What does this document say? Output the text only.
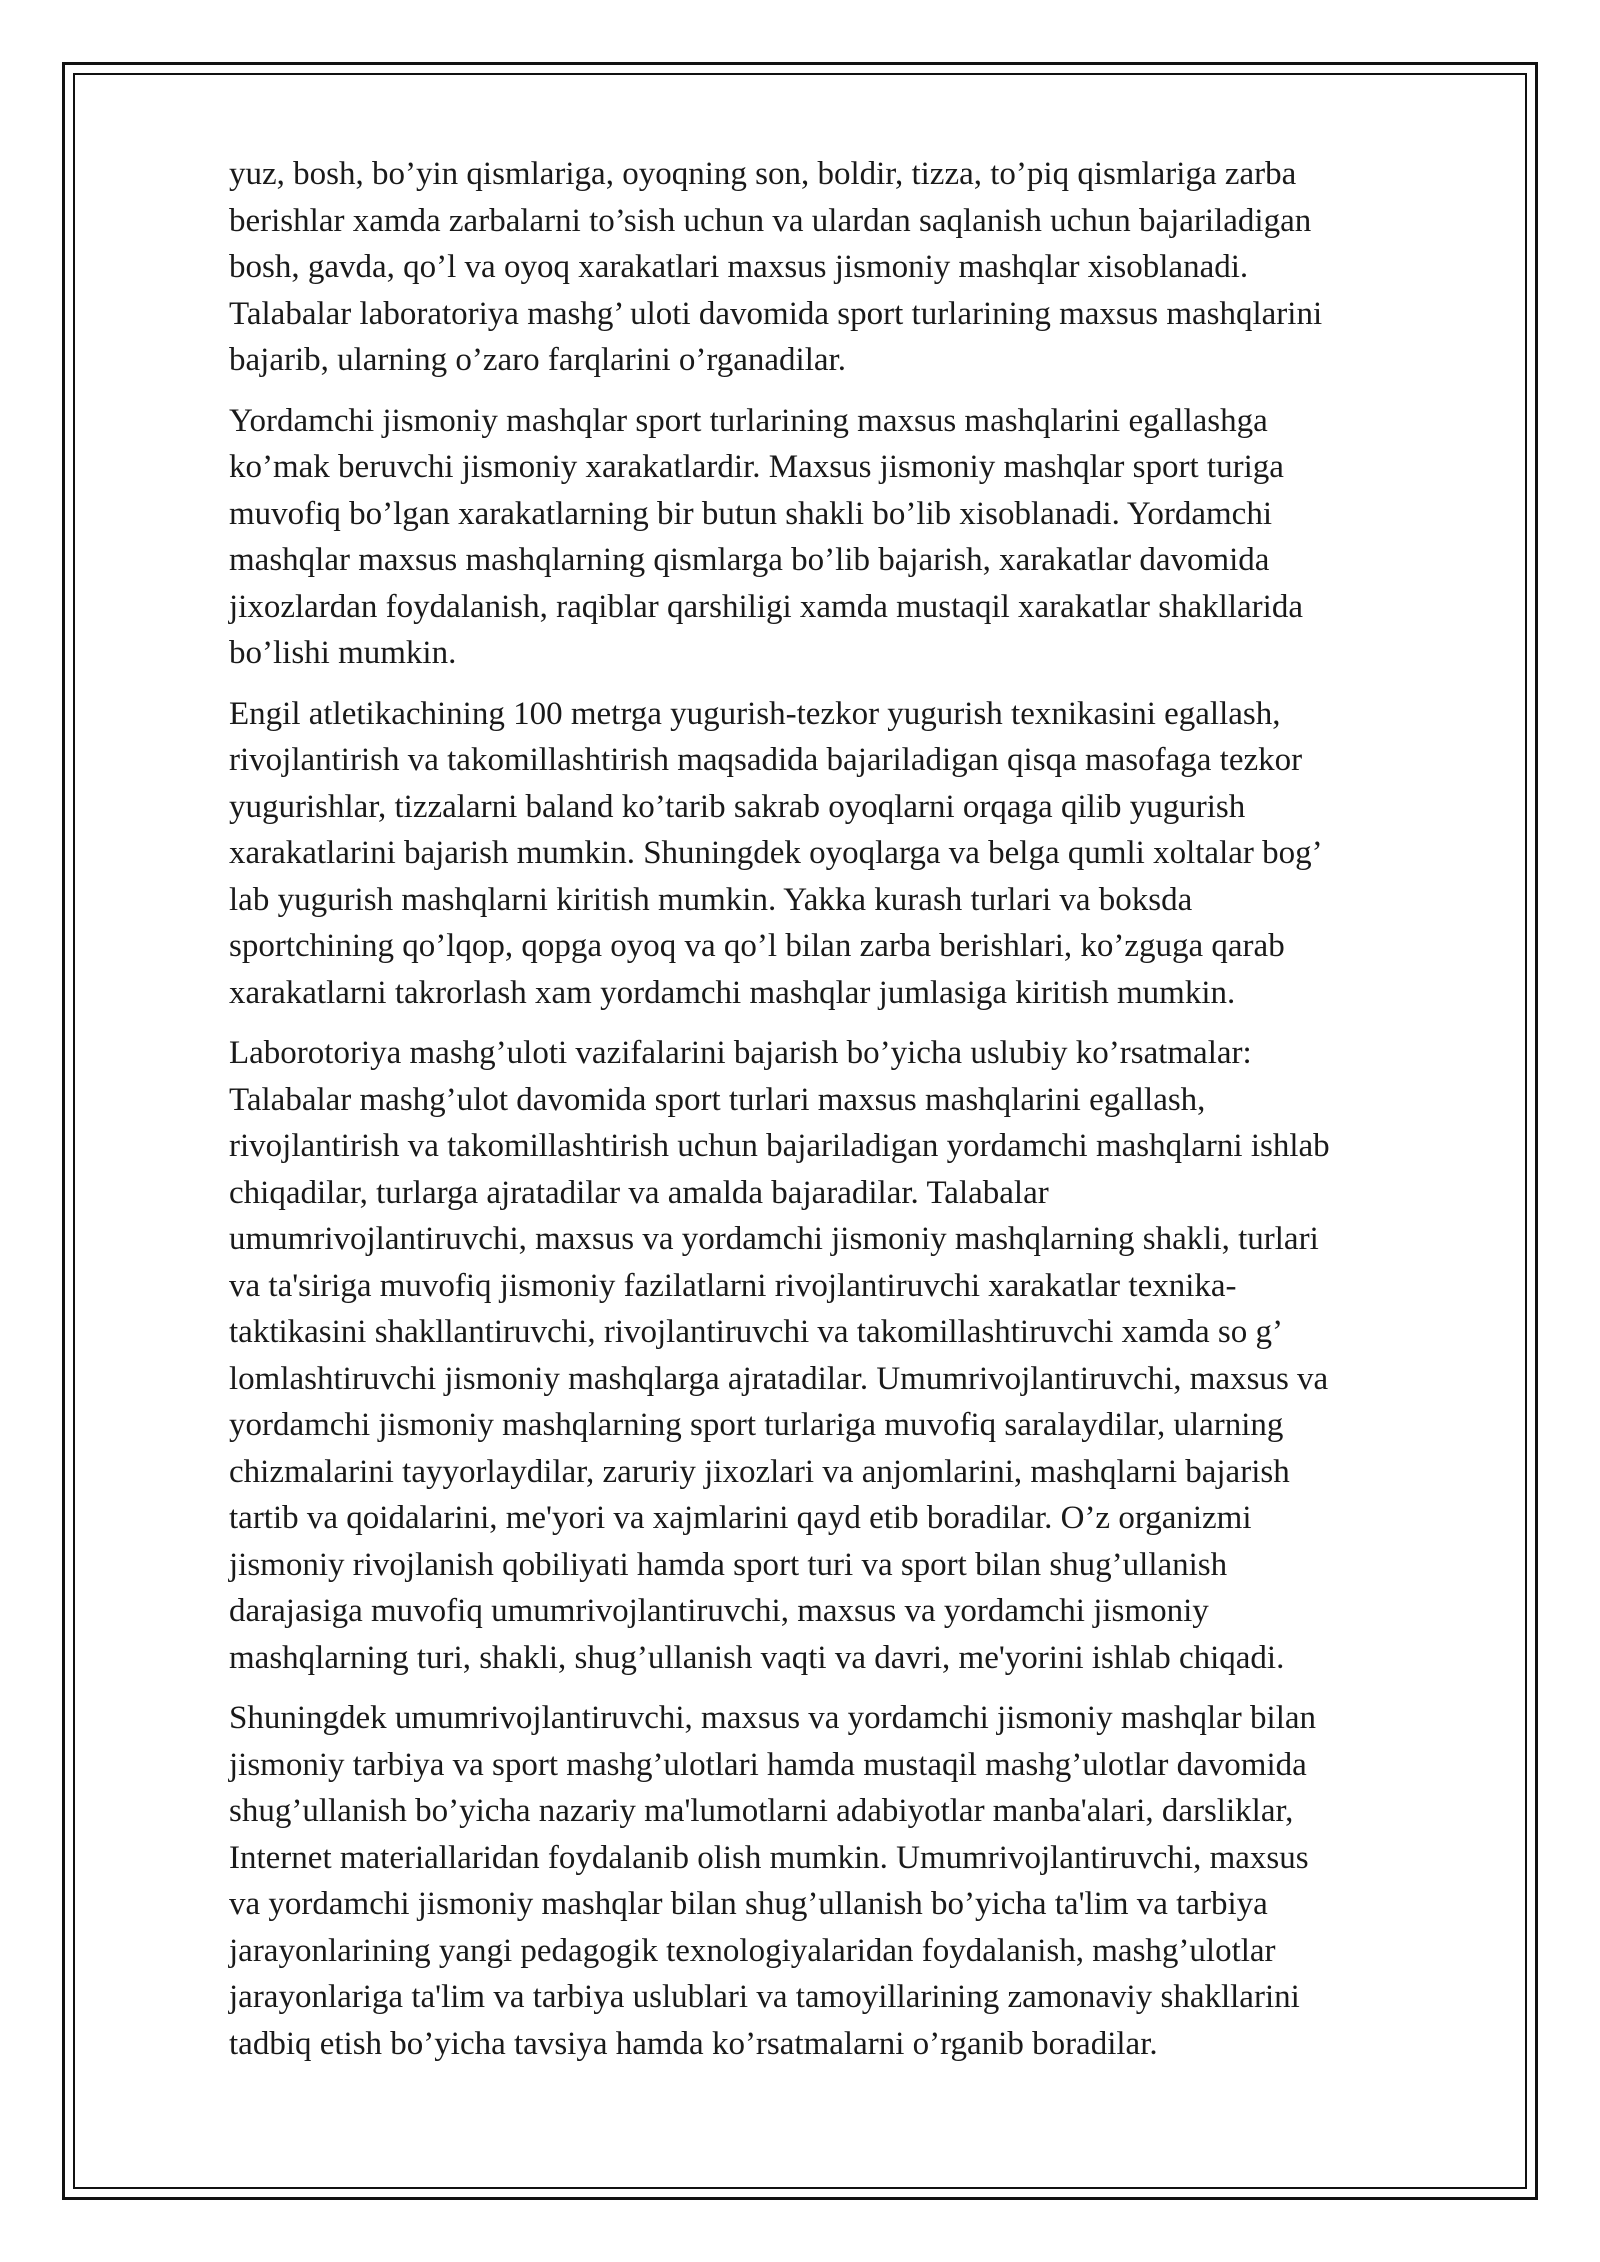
yuz, bosh, bo’yin qismlariga, oyoqning son, boldir, tizza, to’piq qismlariga zarba
berishlar xamda zarbalarni to’sish uchun va ulardan saqlanish uchun bajariladigan
bosh, gavda, qo’l va oyoq xarakatlari maxsus jismoniy mashqlar xisoblanadi.
Talabalar laboratoriya mashg’ uloti davomida sport turlarining maxsus mashqlarini
bajarib, ularning o’zaro farqlarini o’rganadilar.

Yordamchi jismoniy mashqlar sport turlarining maxsus mashqlarini egallashga
ko’mak beruvchi jismoniy xarakatlardir. Maxsus jismoniy mashqlar sport turiga
muvofiq bo’lgan xarakatlarning bir butun shakli bo’lib xisoblanadi. Yordamchi
mashqlar maxsus mashqlarning qismlarga bo’lib bajarish, xarakatlar davomida
jixozlardan foydalanish, raqiblar qarshiligi xamda mustaqil xarakatlar shakllarida
bo’lishi mumkin.

Engil atletikachining 100 metrga yugurish-tezkor yugurish texnikasini egallash,
rivojlantirish va takomillashtirish maqsadida bajariladigan qisqa masofaga tezkor
yugurishlar, tizzalarni baland ko’tarib sakrab oyoqlarni orqaga qilib yugurish
xarakatlarini bajarish mumkin. Shuningdek oyoqlarga va belga qumli xoltalar bog’
lab yugurish mashqlarni kiritish mumkin. Yakka kurash turlari va boksda
sportchining qo’lqop, qopga oyoq va qo’l bilan zarba berishlari, ko’zguga qarab
xarakatlarni takrorlash xam yordamchi mashqlar jumlasiga kiritish mumkin.

Laborotoriya mashg’uloti vazifalarini bajarish bo’yicha uslubiy ko’rsatmalar:
Talabalar mashg’ulot davomida sport turlari maxsus mashqlarini egallash,
rivojlantirish va takomillashtirish uchun bajariladigan yordamchi mashqlarni ishlab
chiqadilar, turlarga ajratadilar va amalda bajaradilar. Talabalar
umumrivojlantiruvchi, maxsus va yordamchi jismoniy mashqlarning shakli, turlari
va ta'siriga muvofiq jismoniy fazilatlarni rivojlantiruvchi xarakatlar texnika-
taktikasini shakllantiruvchi, rivojlantiruvchi va takomillashtiruvchi xamda so g’
lomlashtiruvchi jismoniy mashqlarga ajratadilar. Umumrivojlantiruvchi, maxsus va
yordamchi jismoniy mashqlarning sport turlariga muvofiq saralaydilar, ularning
chizmalarini tayyorlaydilar, zaruriy jixozlari va anjomlarini, mashqlarni bajarish
tartib va qoidalarini, me'yori va xajmlarini qayd etib boradilar. O’z organizmi
jismoniy rivojlanish qobiliyati hamda sport turi va sport bilan shug’ullanish
darajasiga muvofiq umumrivojlantiruvchi, maxsus va yordamchi jismoniy
mashqlarning turi, shakli, shug’ullanish vaqti va davri, me'yorini ishlab chiqadi.

Shuningdek umumrivojlantiruvchi, maxsus va yordamchi jismoniy mashqlar bilan
jismoniy tarbiya va sport mashg’ulotlari hamda mustaqil mashg’ulotlar davomida
shug’ullanish bo’yicha nazariy ma'lumotlarni adabiyotlar manba'alari, darsliklar,
Internet materiallaridan foydalanib olish mumkin. Umumrivojlantiruvchi, maxsus
va yordamchi jismoniy mashqlar bilan shug’ullanish bo’yicha ta'lim va tarbiya
jarayonlarining yangi pedagogik texnologiyalaridan foydalanish, mashg’ulotlar
jarayonlariga ta'lim va tarbiya uslublari va tamoyillarining zamonaviy shakllarini
tadbiq etish bo’yicha tavsiya hamda ko’rsatmalarni o’rganib boradilar.
